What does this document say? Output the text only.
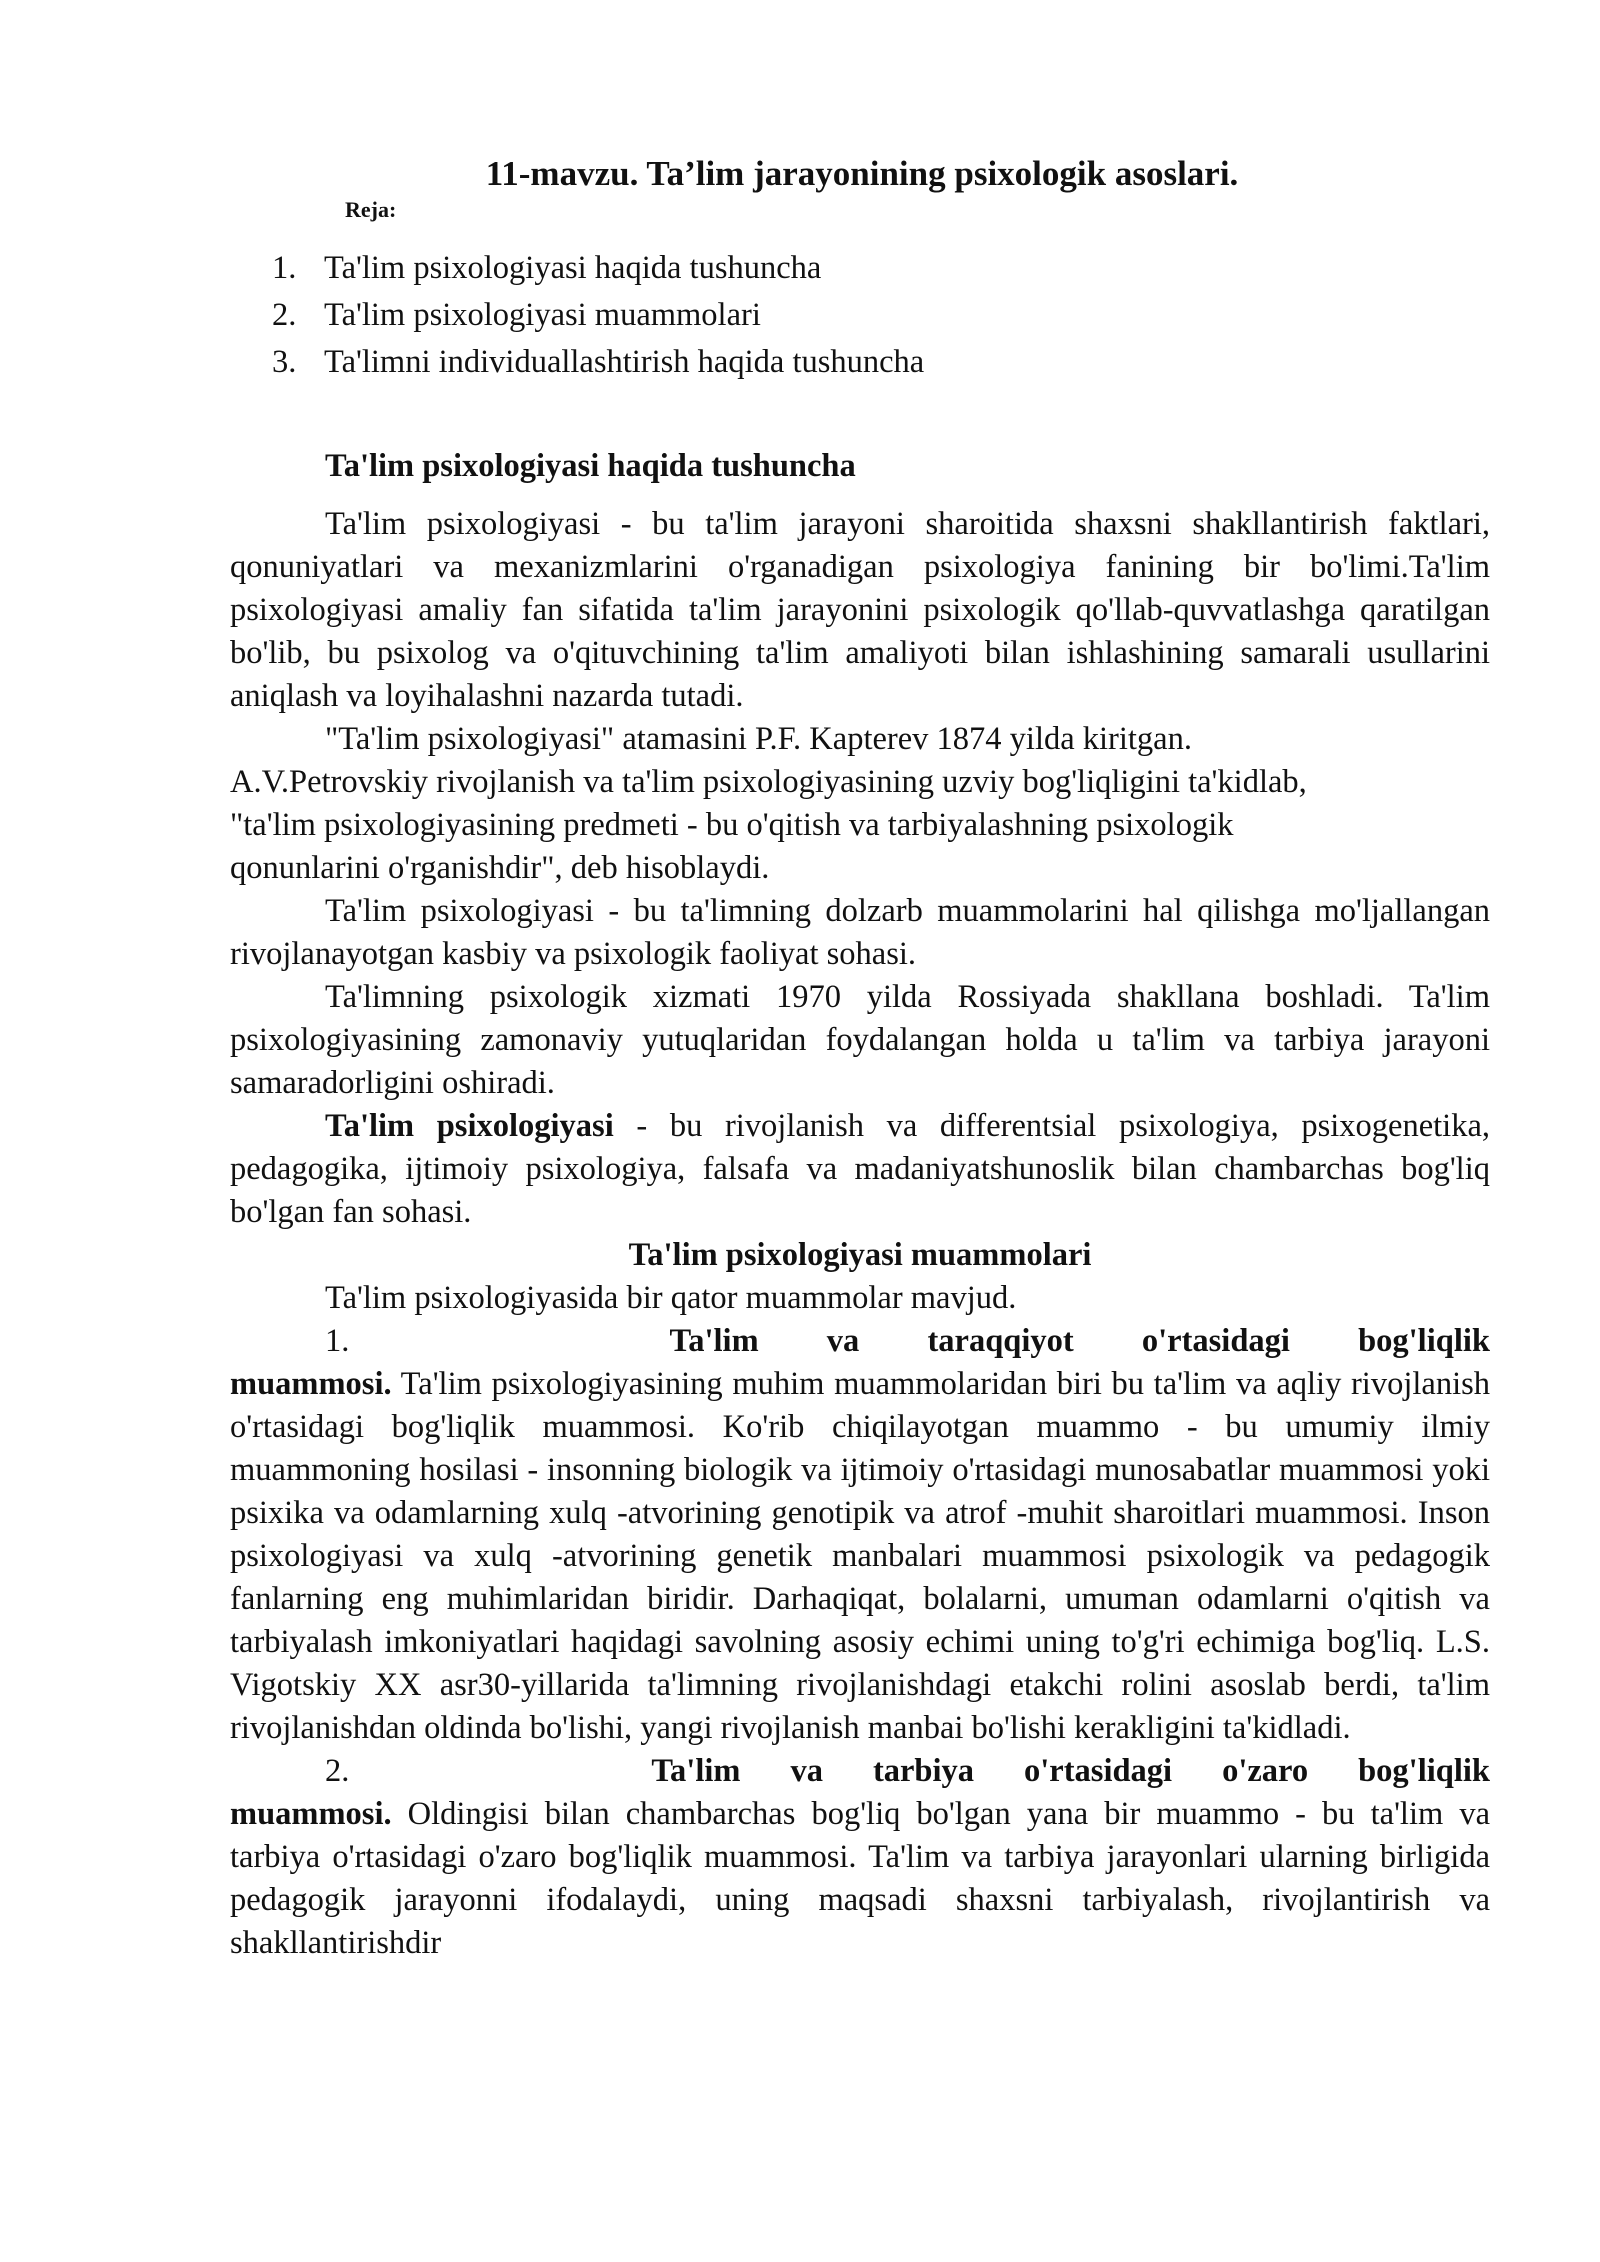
11-mavzu. Ta’lim jarayonining psixologik asoslari.
Reja:
1. Ta'lim psixologiyasi haqida tushuncha
2. Ta'lim psixologiyasi muammolari
3. Ta'limni individuallashtirish haqida tushuncha
Ta'lim psixologiyasi haqida tushuncha

Ta'lim psixologiyasi - bu ta'lim jarayoni sharoitida shaxsni shakllantirish faktlari, qonuniyatlari va mexanizmlarini o'rganadigan psixologiya fanining bir bo'limi.Ta'lim psixologiyasi amaliy fan sifatida ta'lim jarayonini psixologik qo'llab-quvvatlashga qaratilgan bo'lib, bu psixolog va o'qituvchining ta'lim amaliyoti bilan ishlashining samarali usullarini aniqlash va loyihalashni nazarda tutadi.

"Ta'lim psixologiyasi" atamasini P.F. Kapterev 1874 yilda kiritgan.

A.V.Petrovskiy rivojlanish va ta'lim psixologiyasining uzviy bog'liqligini ta'kidlab,
"ta'lim psixologiyasining predmeti - bu o'qitish va tarbiyalashning psixologik
qonunlarini o'rganishdir", deb hisoblaydi.

Ta'lim psixologiyasi - bu ta'limning dolzarb muammolarini hal qilishga mo'ljallangan rivojlanayotgan kasbiy va psixologik faoliyat sohasi.

Ta'limning psixologik xizmati 1970 yilda Rossiyada shakllana boshladi. Ta'lim psixologiyasining zamonaviy yutuqlaridan foydalangan holda u ta'lim va tarbiya jarayoni samaradorligini oshiradi.

Ta'lim psixologiyasi - bu rivojlanish va differentsial psixologiya, psixogenetika, pedagogika, ijtimoiy psixologiya, falsafa va madaniyatshunoslik bilan chambarchas bog'liq bo'lgan fan sohasi.

Ta'lim psixologiyasi muammolari

Ta'lim psixologiyasida bir qator muammolar mavjud.

1.	Ta'lim va taraqqiyot o'rtasidagi bog'liqlik

muammosi. Ta'lim psixologiyasining muhim muammolaridan biri bu ta'lim va aqliy rivojlanish o'rtasidagi bog'liqlik muammosi. Ko'rib chiqilayotgan muammo - bu umumiy ilmiy muammoning hosilasi - insonning biologik va ijtimoiy o'rtasidagi munosabatlar muammosi yoki psixika va odamlarning xulq -atvorining genotipik va atrof -muhit sharoitlari muammosi. Inson psixologiyasi va xulq -atvorining genetik manbalari muammosi psixologik va pedagogik fanlarning eng muhimlaridan biridir. Darhaqiqat, bolalarni, umuman odamlarni o'qitish va tarbiyalash imkoniyatlari haqidagi savolning asosiy echimi uning to'g'ri echimiga bog'liq. L.S. Vigotskiy XX asr30-yillarida ta'limning rivojlanishdagi etakchi rolini asoslab berdi, ta'lim rivojlanishdan oldinda bo'lishi, yangi rivojlanish manbai bo'lishi kerakligini ta'kidladi.

2.	Ta'lim va tarbiya o'rtasidagi o'zaro bog'liqlik

muammosi. Oldingisi bilan chambarchas bog'liq bo'lgan yana bir muammo - bu ta'lim va tarbiya o'rtasidagi o'zaro bog'liqlik muammosi. Ta'lim va tarbiya jarayonlari ularning birligida pedagogik jarayonni ifodalaydi, uning maqsadi shaxsni tarbiyalash, rivojlantirish va shakllantirishdir
